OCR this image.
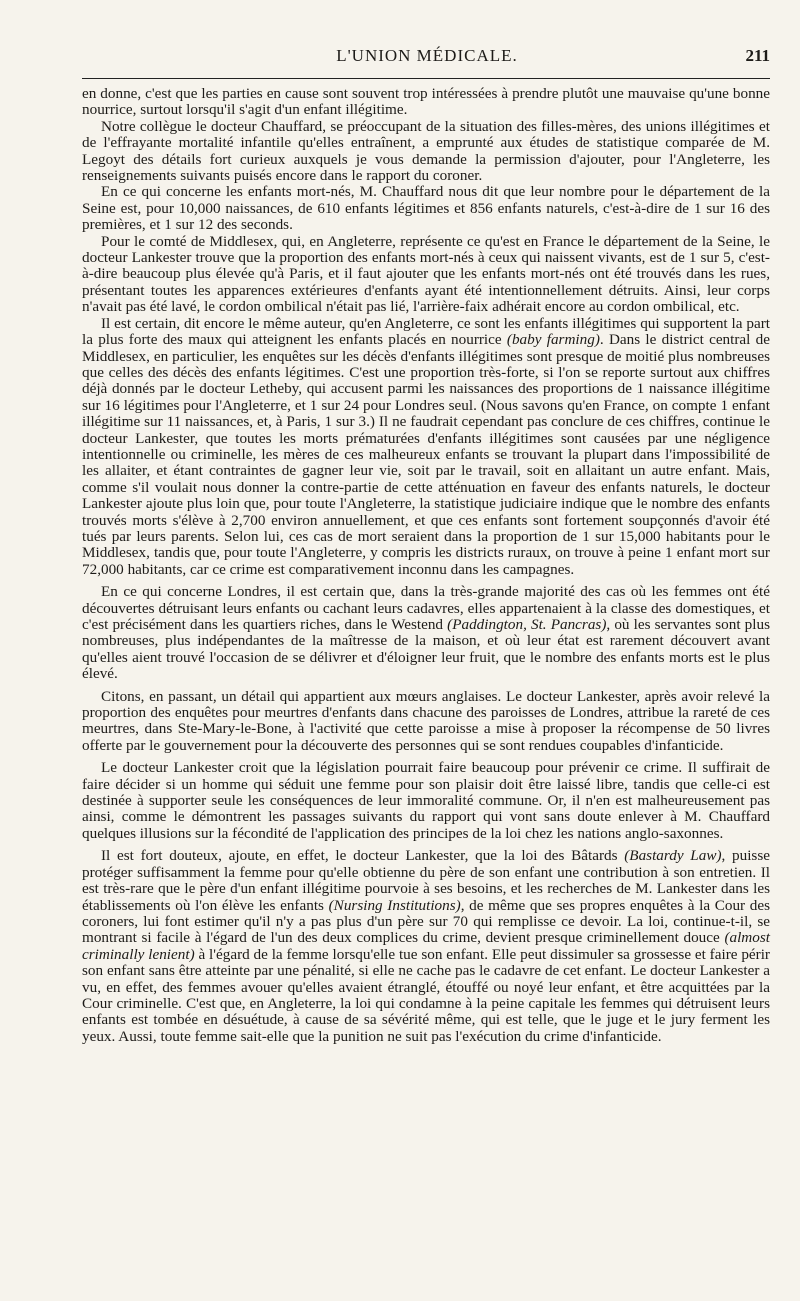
L'UNION MÉDICALE.	211

en donne, c'est que les parties en cause sont souvent trop intéressées à prendre plutôt une mauvaise qu'une bonne nourrice, surtout lorsqu'il s'agit d'un enfant illégitime.

Notre collègue le docteur Chauffard, se préoccupant de la situation des filles-mères, des unions illégitimes et de l'effrayante mortalité infantile qu'elles entraînent, a emprunté aux études de statistique comparée de M. Legoyt des détails fort curieux auxquels je vous demande la permission d'ajouter, pour l'Angleterre, les renseignements suivants puisés encore dans le rapport du coroner.

En ce qui concerne les enfants mort-nés, M. Chauffard nous dit que leur nombre pour le département de la Seine est, pour 10,000 naissances, de 610 enfants légitimes et 856 enfants naturels, c'est-à-dire de 1 sur 16 des premières, et 1 sur 12 des seconds.

Pour le comté de Middlesex, qui, en Angleterre, représente ce qu'est en France le département de la Seine, le docteur Lankester trouve que la proportion des enfants mort-nés à ceux qui naissent vivants, est de 1 sur 5, c'est-à-dire beaucoup plus élevée qu'à Paris, et il faut ajouter que les enfants mort-nés ont été trouvés dans les rues, présentant toutes les apparences extérieures d'enfants ayant été intentionnellement détruits. Ainsi, leur corps n'avait pas été lavé, le cordon ombilical n'était pas lié, l'arrière-faix adhérait encore au cordon ombilical, etc.

Il est certain, dit encore le même auteur, qu'en Angleterre, ce sont les enfants illégitimes qui supportent la part la plus forte des maux qui atteignent les enfants placés en nourrice (baby farming). Dans le district central de Middlesex, en particulier, les enquêtes sur les décès d'enfants illégitimes sont presque de moitié plus nombreuses que celles des décès des enfants légitimes. C'est une proportion très-forte, si l'on se reporte surtout aux chiffres déjà donnés par le docteur Letheby, qui accusent parmi les naissances des proportions de 1 naissance illégitime sur 16 légitimes pour l'Angleterre, et 1 sur 24 pour Londres seul. (Nous savons qu'en France, on compte 1 enfant illégitime sur 11 naissances, et, à Paris, 1 sur 3.) Il ne faudrait cependant pas conclure de ces chiffres, continue le docteur Lankester, que toutes les morts prématurées d'enfants illégitimes sont causées par une négligence intentionnelle ou criminelle, les mères de ces malheureux enfants se trouvant la plupart dans l'impossibilité de les allaiter, et étant contraintes de gagner leur vie, soit par le travail, soit en allaitant un autre enfant. Mais, comme s'il voulait nous donner la contre-partie de cette atténuation en faveur des enfants naturels, le docteur Lankester ajoute plus loin que, pour toute l'Angleterre, la statistique judiciaire indique que le nombre des enfants trouvés morts s'élève à 2,700 environ annuellement, et que ces enfants sont fortement soupçonnés d'avoir été tués par leurs parents. Selon lui, ces cas de mort seraient dans la proportion de 1 sur 15,000 habitants pour le Middlesex, tandis que, pour toute l'Angleterre, y compris les districts ruraux, on trouve à peine 1 enfant mort sur 72,000 habitants, car ce crime est comparativement inconnu dans les campagnes.

En ce qui concerne Londres, il est certain que, dans la très-grande majorité des cas où les femmes ont été découvertes détruisant leurs enfants ou cachant leurs cadavres, elles appartenaient à la classe des domestiques, et c'est précisément dans les quartiers riches, dans le Westend (Paddington, St. Pancras), où les servantes sont plus nombreuses, plus indépendantes de la maîtresse de la maison, et où leur état est rarement découvert avant qu'elles aient trouvé l'occasion de se délivrer et d'éloigner leur fruit, que le nombre des enfants morts est le plus élevé.

Citons, en passant, un détail qui appartient aux mœurs anglaises. Le docteur Lankester, après avoir relevé la proportion des enquêtes pour meurtres d'enfants dans chacune des paroisses de Londres, attribue la rareté de ces meurtres, dans Ste-Mary-le-Bone, à l'activité que cette paroisse a mise à proposer la récompense de 50 livres offerte par le gouvernement pour la découverte des personnes qui se sont rendues coupables d'infanticide.

Le docteur Lankester croit que la législation pourrait faire beaucoup pour prévenir ce crime. Il suffirait de faire décider si un homme qui séduit une femme pour son plaisir doit être laissé libre, tandis que celle-ci est destinée à supporter seule les conséquences de leur immoralité commune. Or, il n'en est malheureusement pas ainsi, comme le démontrent les passages suivants du rapport qui vont sans doute enlever à M. Chauffard quelques illusions sur la fécondité de l'application des principes de la loi chez les nations anglo-saxonnes.

Il est fort douteux, ajoute, en effet, le docteur Lankester, que la loi des Bâtards (Bastardy Law), puisse protéger suffisamment la femme pour qu'elle obtienne du père de son enfant une contribution à son entretien. Il est très-rare que le père d'un enfant illégitime pourvoie à ses besoins, et les recherches de M. Lankester dans les établissements où l'on élève les enfants (Nursing Institutions), de même que ses propres enquêtes à la Cour des coroners, lui font estimer qu'il n'y a pas plus d'un père sur 70 qui remplisse ce devoir. La loi, continue-t-il, se montrant si facile à l'égard de l'un des deux complices du crime, devient presque criminellement douce (almost criminally lenient) à l'égard de la femme lorsqu'elle tue son enfant. Elle peut dissimuler sa grossesse et faire périr son enfant sans être atteinte par une pénalité, si elle ne cache pas le cadavre de cet enfant. Le docteur Lankester a vu, en effet, des femmes avouer qu'elles avaient étranglé, étouffé ou noyé leur enfant, et être acquittées par la Cour criminelle. C'est que, en Angleterre, la loi qui condamne à la peine capitale les femmes qui détruisent leurs enfants est tombée en désuétude, à cause de sa sévérité même, qui est telle, que le juge et le jury ferment les yeux. Aussi, toute femme sait-elle que la punition ne suit pas l'exécution du crime d'infanticide.
